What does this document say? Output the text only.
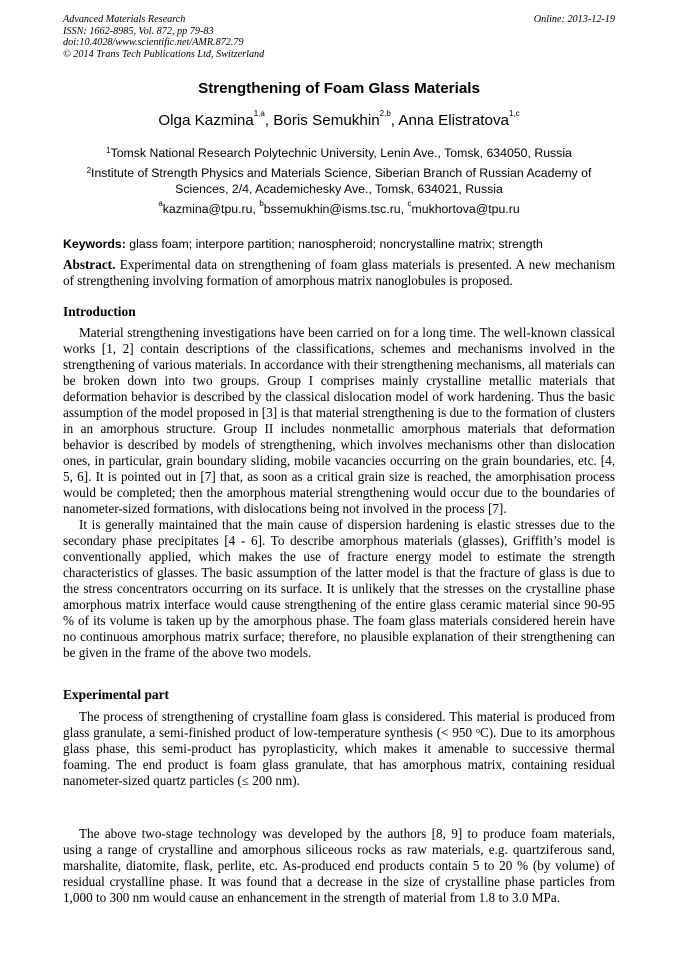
Advanced Materials Research
ISSN: 1662-8985, Vol. 872, pp 79-83
doi:10.4028/www.scientific.net/AMR.872.79
© 2014 Trans Tech Publications Ltd, Switzerland
Online: 2013-12-19
Strengthening of Foam Glass Materials
Olga Kazmina$^{1,a}$, Boris Semukhin$^{2,b}$, Anna Elistratova$^{1,c}$
$^1$Tomsk National Research Polytechnic University, Lenin Ave., Tomsk, 634050, Russia
$^2$Institute of Strength Physics and Materials Science, Siberian Branch of Russian Academy of Sciences, 2/4, Academichesky Ave., Tomsk, 634021, Russia
$^a$kazmina@tpu.ru, $^b$bssemukhin@isms.tsc.ru, $^c$mukhortova@tpu.ru
Keywords: glass foam; interpore partition; nanospheroid; noncrystalline matrix; strength
Abstract. Experimental data on strengthening of foam glass materials is presented. A new mechanism of strengthening involving formation of amorphous matrix nanoglobules is proposed.
Introduction

Material strengthening investigations have been carried on for a long time. The well-known classical works [1, 2] contain descriptions of the classifications, schemes and mechanisms involved in the strengthening of various materials. In accordance with their strengthening mechanisms, all materials can be broken down into two groups. Group I comprises mainly crystalline metallic materials that deformation behavior is described by the classical dislocation model of work hardening. Thus the basic assumption of the model proposed in [3] is that material strengthening is due to the formation of clusters in an amorphous structure. Group II includes nonmetallic amorphous materials that deformation behavior is described by models of strengthening, which involves mechanisms other than dislocation ones, in particular, grain boundary sliding, mobile vacancies occurring on the grain boundaries, etc. [4, 5, 6]. It is pointed out in [7] that, as soon as a critical grain size is reached, the amorphisation process would be completed; then the amorphous material strengthening would occur due to the boundaries of nanometer-sized formations, with dislocations being not involved in the process [7].

It is generally maintained that the main cause of dispersion hardening is elastic stresses due to the secondary phase precipitates [4 - 6]. To describe amorphous materials (glasses), Griffith’s model is conventionally applied, which makes the use of fracture energy model to estimate the strength characteristics of glasses. The basic assumption of the latter model is that the fracture of glass is due to the stress concentrators occurring on its surface. It is unlikely that the stresses on the crystalline phase amorphous matrix interface would cause strengthening of the entire glass ceramic material since 90-95 % of its volume is taken up by the amorphous phase. The foam glass materials considered herein have no continuous amorphous matrix surface; therefore, no plausible explanation of their strengthening can be given in the frame of the above two models.

Experimental part

The process of strengthening of crystalline foam glass is considered. This material is produced from glass granulate, a semi-finished product of low-temperature synthesis (< 950 $^o$C). Due to its amorphous glass phase, this semi-product has pyroplasticity, which makes it amenable to successive thermal foaming. The end product is foam glass granulate, that has amorphous matrix, containing residual nanometer-sized quartz particles (≤ 200 nm).

The above two-stage technology was developed by the authors [8, 9] to produce foam materials, using a range of crystalline and amorphous siliceous rocks as raw materials, e.g. quartziferous sand, marshalite, diatomite, flask, perlite, etc. As-produced end products contain 5 to 20 % (by volume) of residual crystalline phase. It was found that a decrease in the size of crystalline phase particles from 1,000 to 300 nm would cause an enhancement in the strength of material from 1.8 to 3.0 MPa.
